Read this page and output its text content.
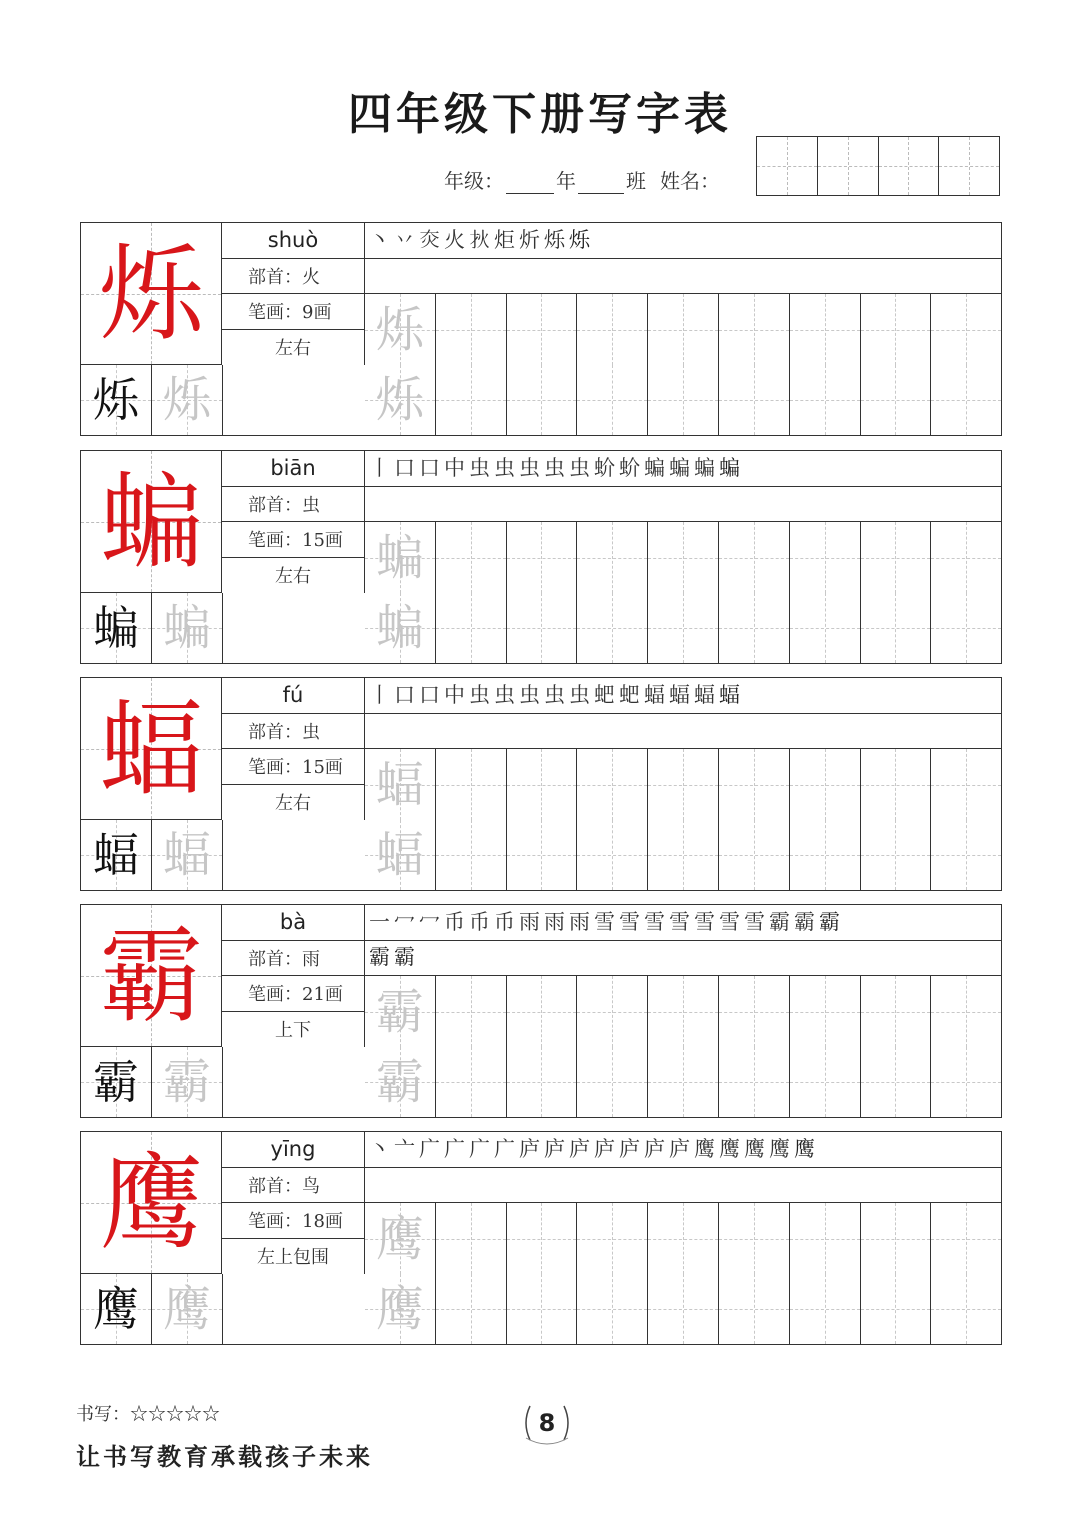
四年级下册写字表
年级：	年	班 姓名：
烁	shuò
部首：火
笔画：9画
左右
丶 丷 𤆍 火 𤆎 炬 炘 烁 烁
烁
烁 烁	烁
蝙	biān
部首：虫
笔画：15画
左右
丨 口 口 中 虫 虫 虫 虫 虫 蚧 蚧 蝙 蝙 蝙 蝙
蝙
蝙 蝙	蝙
蝠	fú
部首：虫
笔画：15画
左右
丨 口 口 中 虫 虫 虫 虫 虫 蚆 蚆 蝠 蝠 蝠 蝠
蝠
蝠 蝠	蝠
霸	bà
部首：雨
笔画：21画
上下
一 冖 冖 币 币 币 雨 雨 雨 雪 雪 雪 雪 雪 雪 雪 霸 霸 霸
霸 霸
霸
霸 霸	霸
鹰	yīng
部首：鸟
笔画：18画
左上包围
丶 亠 广 广 广 广 庐 庐 庐 庐 庐 庐 庐 鹰 鹰 鹰 鹰 鹰
鹰
鹰 鹰	鹰
书写：☆☆☆☆☆
让书写教育承载孩子未来
8
